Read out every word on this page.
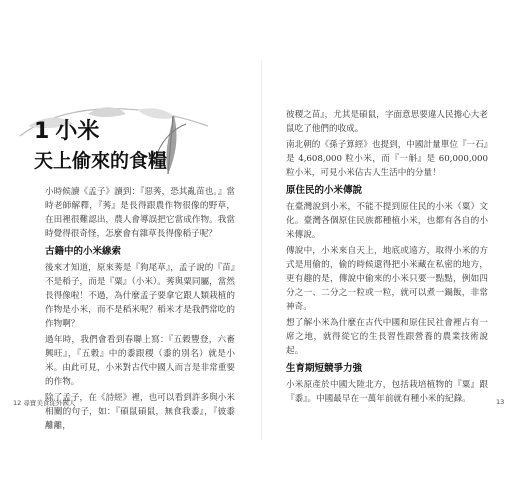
1 小米
天上偷來的食糧

小時候讀《孟子》讀到：『惡莠，恐其亂苗也。』當時老師解釋，『莠』是長得跟農作物很像的野草，在田裡很難認出，農人會導誤把它當成作物。我當時覺得很奇怪，怎麼會有雜草長得像稻子呢？

古籍中的小米線索

後來才知道，原來莠是『狗尾草』，孟子說的『苗』不是稻子，而是『粟』（小米）。莠與粟同屬，當然長得像啦！不過，為什麼孟子要拿它跟人類栽植的作物是小米，而不是稻米呢？稻米才是我們常吃的作物啊？

過年時，我們會看到春聯上寫：『五穀豐登，六畜興旺』，『五穀』中的黍跟稷（黍的別名）就是小米。由此可見，小米對古代中國人而言是非常重要的作物。

除了孟子，在《詩經》裡，也可以看到許多與小米相關的句子，如：『碩鼠碩鼠，無食我黍』，『彼黍離離，

12 尋寶美食從外國人

彼稷之苗』，尤其是碩鼠，字面意思要違人民擔心大老鼠吃了他們的收成。

南北朝的《孫子算經》也提到，中國計量單位『一石』是 4,608,000 粒小米，而『一斛』是 60,000,000 粒小米，可見小米佔古人生活中的分量！

原住民的小米傳說

在臺灣說到小米，不能不提到原住民的小米（粟）文化。臺灣各個原住民族都種植小米，也都有各自的小米傳說。

傳說中，小米來自天上，地底或遠方，取得小米的方式是用偷的，偷的時候還得把小米藏在私密的地方，更有趣的是，傳說中偷來的小米只要一點點，例如四分之一、二分之一粒或一粒，就可以煮一鍋飯，非常神奇。

想了解小米為什麼在古代中國和原住民社會裡占有一席之地，就得從它的生長習性跟營養的農業技術說起。

生育期短競爭力強

小米原產於中國大陸北方，包括栽培植物的『粟』跟『黍』。中國最早在一萬年前就有種小米的紀錄。	13
